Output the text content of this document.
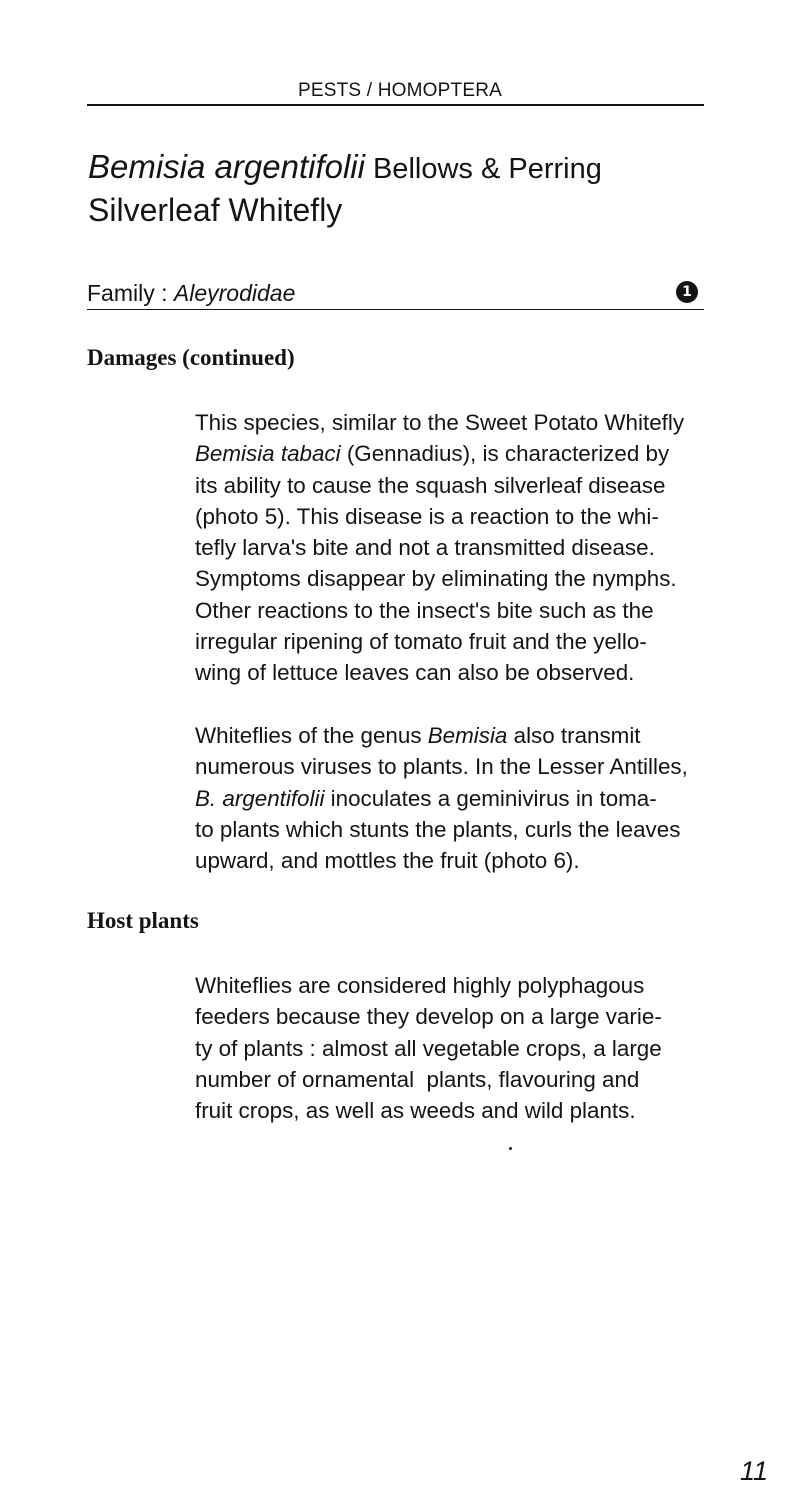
PESTS / HOMOPTERA
Bemisia argentifolii Bellows & Perring
Silverleaf Whitefly
Family : Aleyrodidae	1
Damages (continued)
This species, similar to the Sweet Potato Whitefly
Bemisia tabaci (Gennadius), is characterized by
its ability to cause the squash silverleaf disease
(photo 5). This disease is a reaction to the whi-
tefly larva's bite and not a transmitted disease.
Symptoms disappear by eliminating the nymphs.
Other reactions to the insect's bite such as the
irregular ripening of tomato fruit and the yello-
wing of lettuce leaves can also be observed.
Whiteflies of the genus Bemisia also transmit
numerous viruses to plants. In the Lesser Antilles,
B. argentifolii inoculates a geminivirus in toma-
to plants which stunts the plants, curls the leaves
upward, and mottles the fruit (photo 6).
Host plants
Whiteflies are considered highly polyphagous
feeders because they develop on a large varie-
ty of plants : almost all vegetable crops, a large
number of ornamental  plants, flavouring and
fruit crops, as well as weeds and wild plants.
11
